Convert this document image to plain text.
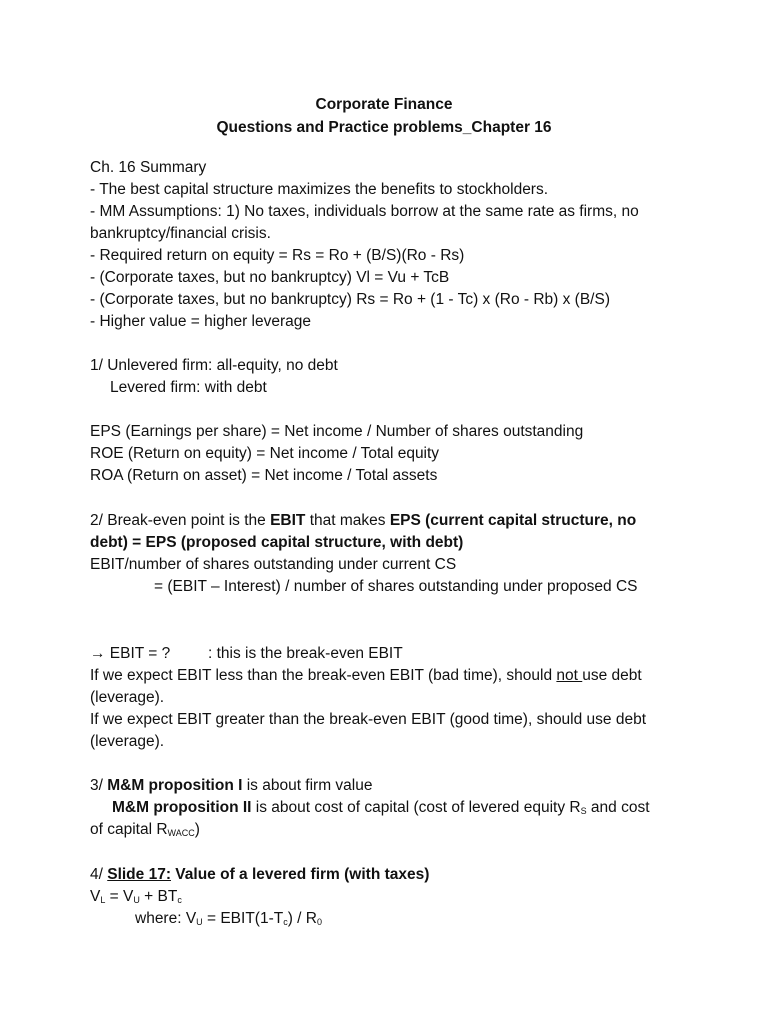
Corporate Finance
Questions and Practice problems_Chapter 16
Ch. 16 Summary
- The best capital structure maximizes the benefits to stockholders.
- MM Assumptions: 1) No taxes, individuals borrow at the same rate as firms, no
bankruptcy/financial crisis.
- Required return on equity = Rs = Ro + (B/S)(Ro - Rs)
- (Corporate taxes, but no bankruptcy) Vl = Vu + TcB
- (Corporate taxes, but no bankruptcy) Rs = Ro + (1 - Tc) x (Ro - Rb) x (B/S)
- Higher value = higher leverage
1/ Unlevered firm: all-equity, no debt
Levered firm: with debt
EPS (Earnings per share) = Net income / Number of shares outstanding
ROE (Return on equity) = Net income / Total equity
ROA (Return on asset) = Net income / Total assets
2/ Break-even point is the EBIT that makes EPS (current capital structure, no
debt) = EPS (proposed capital structure, with debt)
EBIT/number of shares outstanding under current CS
= (EBIT – Interest) / number of shares outstanding under proposed CS
→ EBIT = ? : this is the break-even EBIT
If we expect EBIT less than the break-even EBIT (bad time), should not use debt
(leverage).
If we expect EBIT greater than the break-even EBIT (good time), should use debt
(leverage).
3/ M&M proposition I is about firm value
M&M proposition II is about cost of capital (cost of levered equity $R_S$ and cost
of capital $R_{WACC}$)
4/ Slide 17: Value of a levered firm (with taxes)
$V_L = V_U + BT_c$
where: $V_U$ = $EBIT(1-T_c) / R_0$
